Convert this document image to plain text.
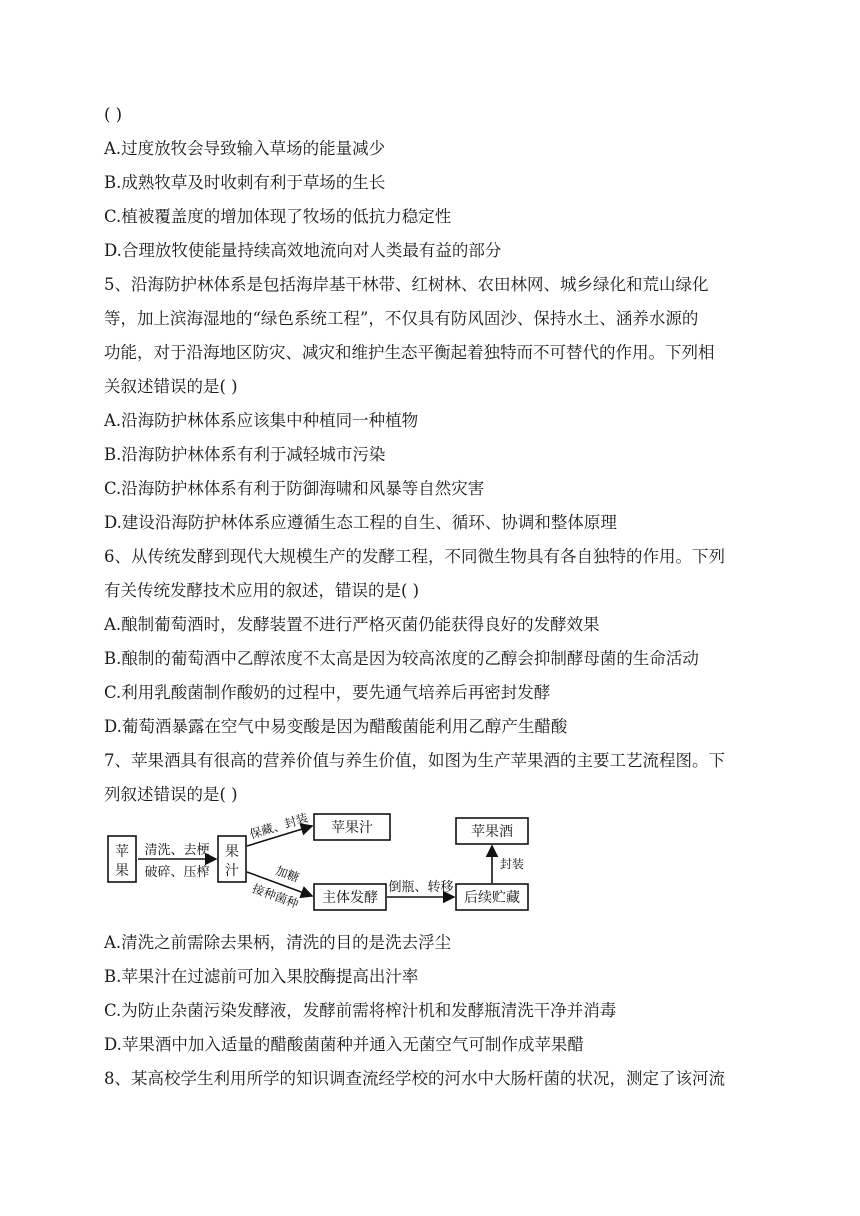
( )
A.过度放牧会导致输入草场的能量减少
B.成熟牧草及时收刺有利于草场的生长
C.植被覆盖度的增加体现了牧场的低抗力稳定性
D.合理放牧使能量持续高效地流向对人类最有益的部分
5、沿海防护林体系是包括海岸基干林带、红树林、农田林网、城乡绿化和荒山绿化
等，加上滨海湿地的“绿色系统工程”，不仅具有防风固沙、保持水土、涵养水源的
功能，对于沿海地区防灾、减灾和维护生态平衡起着独特而不可替代的作用。下列相
关叙述错误的是( )
A.沿海防护林体系应该集中种植同一种植物
B.沿海防护林体系有利于减轻城市污染
C.沿海防护林体系有利于防御海啸和风暴等自然灾害
D.建设沿海防护林体系应遵循生态工程的自生、循环、协调和整体原理
6、从传统发酵到现代大规模生产的发酵工程，不同微生物具有各自独特的作用。下列
有关传统发酵技术应用的叙述，错误的是( )
A.酿制葡萄酒时，发酵装置不进行严格灭菌仍能获得良好的发酵效果
B.酿制的葡萄酒中乙醇浓度不太高是因为较高浓度的乙醇会抑制酵母菌的生命活动
C.利用乳酸菌制作酸奶的过程中，要先通气培养后再密封发酵
D.葡萄酒暴露在空气中易变酸是因为醋酸菌能利用乙醇产生醋酸
7、苹果酒具有很高的营养价值与养生价值，如图为生产苹果酒的主要工艺流程图。下
列叙述错误的是( )
苹
果
清洗、去梗
破碎、压榨
果
汁
保藏、封装 苹果汁
加糖
接种菌种 主体发酵
倒瓶、转移
后续贮藏
封装
苹果酒
A.清洗之前需除去果柄，清洗的目的是洗去浮尘
B.苹果汁在过滤前可加入果胶酶提高出汁率
C.为防止杂菌污染发酵液，发酵前需将榨汁机和发酵瓶清洗干净并消毒
D.苹果酒中加入适量的醋酸菌菌种并通入无菌空气可制作成苹果醋
8、某高校学生利用所学的知识调查流经学校的河水中大肠杆菌的状况，测定了该河流
